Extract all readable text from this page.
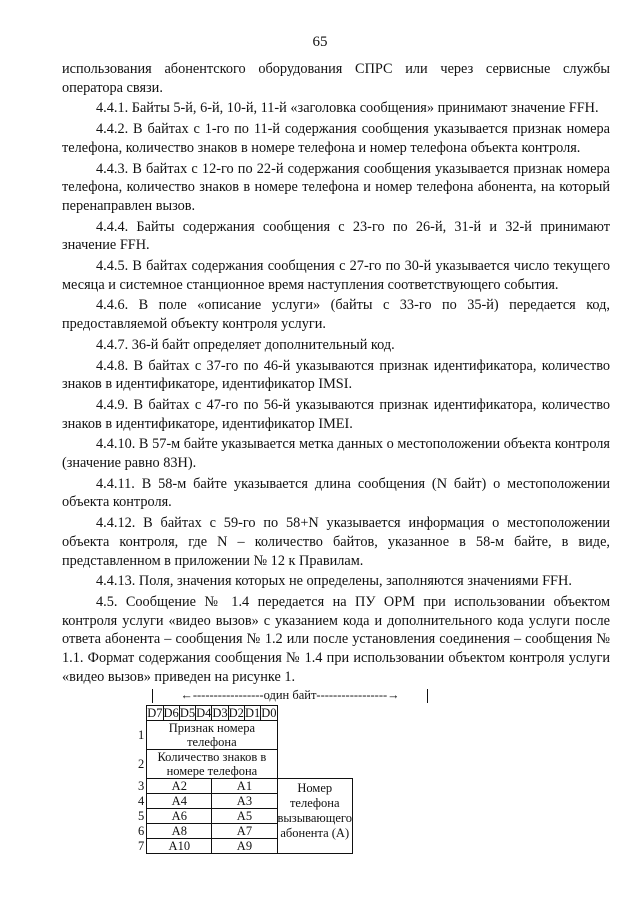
65

использования абонентского оборудования СПРС или через сервисные службы оператора связи.

4.4.1. Байты 5-й, 6-й, 10-й, 11-й «заголовка сообщения» принимают значение FFH.

4.4.2. В байтах с 1-го по 11-й содержания сообщения указывается признак номера телефона, количество знаков в номере телефона и номер телефона объекта контроля.

4.4.3. В байтах с 12-го по 22-й содержания сообщения указывается признак номера телефона, количество знаков в номере телефона и номер телефона абонента, на который перенаправлен вызов.

4.4.4. Байты содержания сообщения с 23-го по 26-й, 31-й и 32-й принимают значение FFH.

4.4.5. В байтах содержания сообщения с 27-го по 30-й указывается число текущего месяца и системное станционное время наступления соответствующего события.

4.4.6. В поле «описание услуги» (байты с 33-го по 35-й) передается код, предоставляемой объекту контроля услуги.

4.4.7. 36-й байт определяет дополнительный код.

4.4.8. В байтах с 37-го по 46-й указываются признак идентификатора, количество знаков в идентификаторе, идентификатор IMSI.

4.4.9. В байтах с 47-го по 56-й указываются признак идентификатора, количество знаков в идентификаторе, идентификатор IMEI.

4.4.10. В 57-м байте указывается метка данных о местоположении объекта контроля (значение равно 83H).

4.4.11. В 58-м байте указывается длина сообщения (N байт) о местоположении объекта контроля.

4.4.12. В байтах с 59-го по 58+N указывается информация о местоположении объекта контроля, где N – количество байтов, указанное в 58-м байте, в виде, представленном в приложении № 12 к Правилам.

4.4.13. Поля, значения которых не определены, заполняются значениями FFH.

4.5. Сообщение № 1.4 передается на ПУ ОРМ при использовании объектом контроля услуги «видео вызов» с указанием кода и дополнительного кода услуги после ответа абонента – сообщения № 1.2 или после установления соединения – сообщения № 1.1. Формат содержания сообщения № 1.4 при использовании объектом контроля услуги «видео вызов» приведен на рисунке 1.

←-----------------один байт-----------------→
	D7	D6	D5	D4	D3	D2	D1	D0	
1	Признак номера телефона								
2	Количество знаков в номере телефона								
3	A2				A1				Номер телефона вызывающего абонента (А)
4	A4				A3				
5	A6				A5				
6	A8				A7				
7	A10				A9				
